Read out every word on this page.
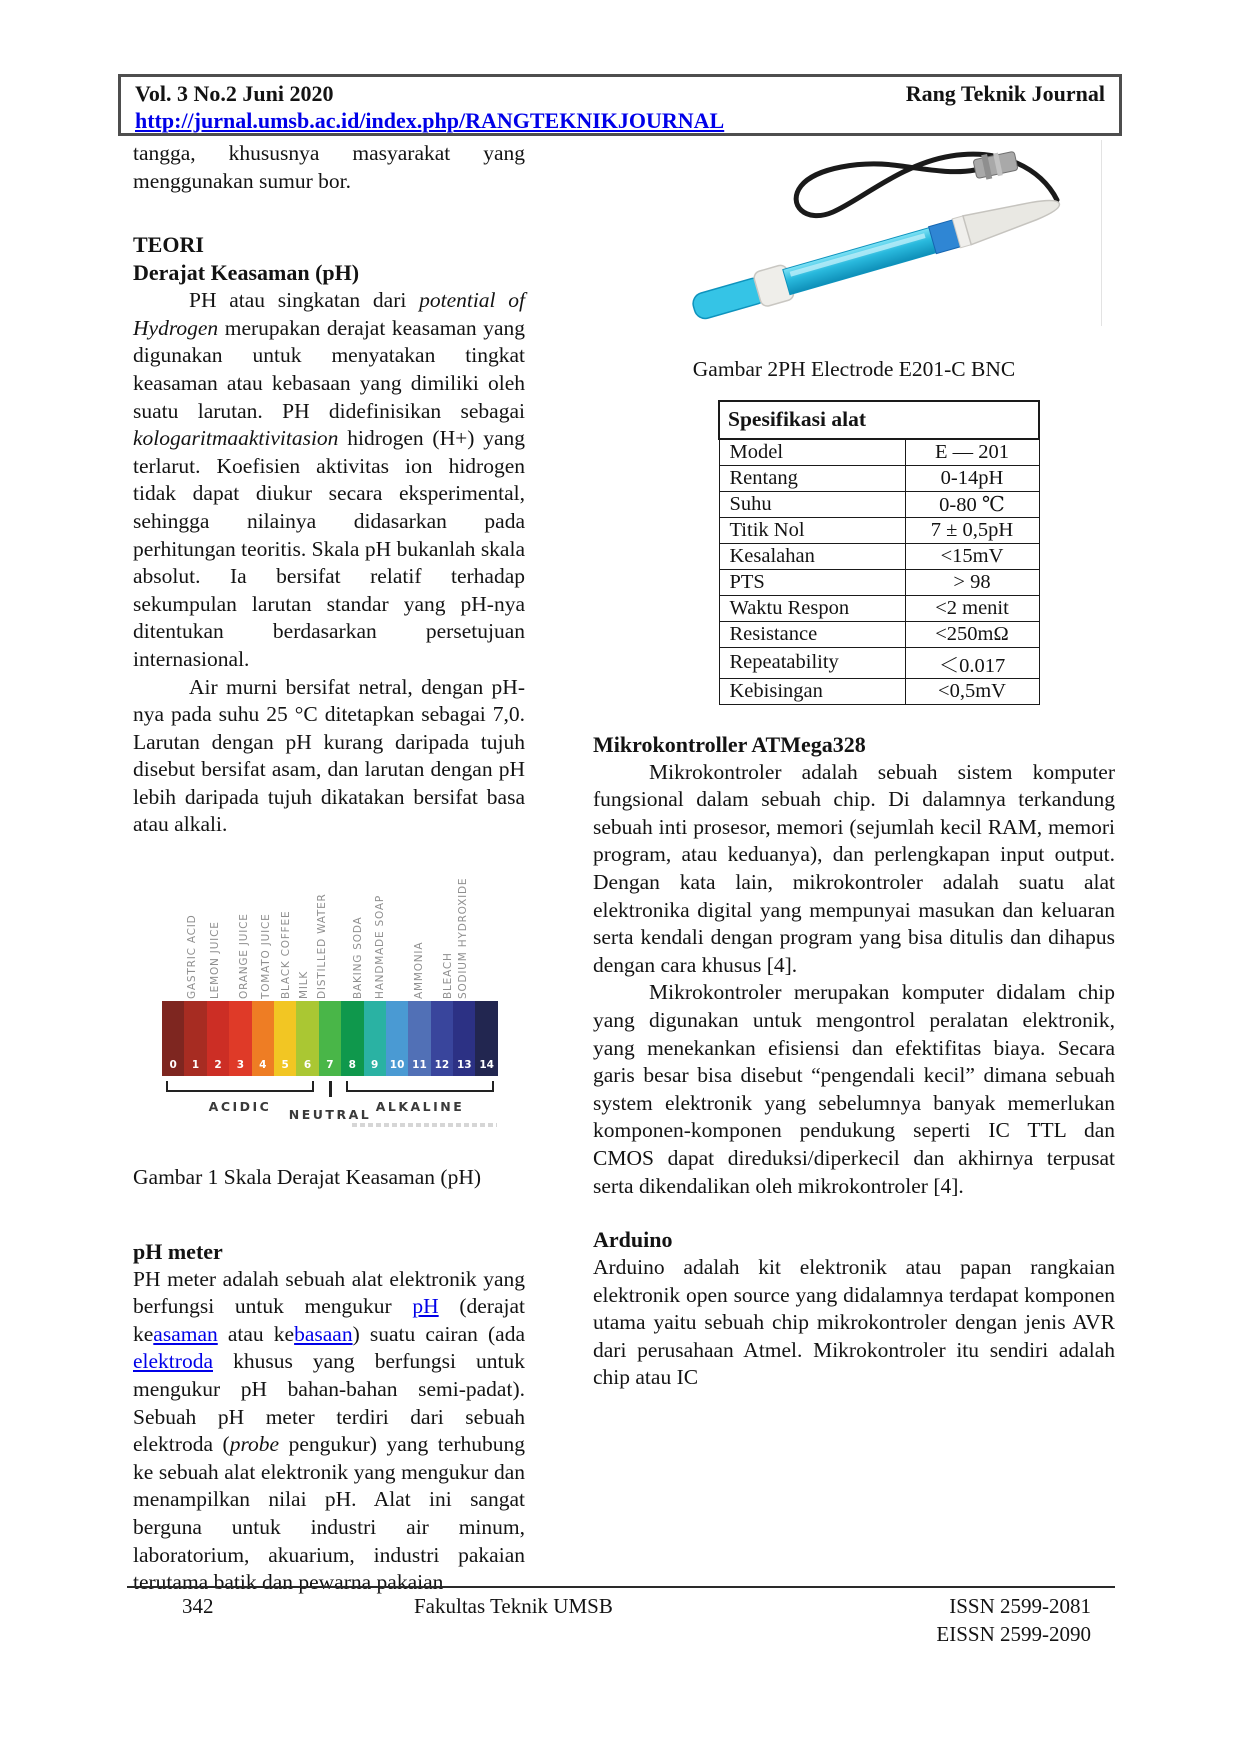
Vol. 3 No.2 Juni 2020	Rang Teknik Journal
http://jurnal.umsb.ac.id/index.php/RANGTEKNIKJOURNAL

tangga, khususnya masyarakat yang menggunakan sumur bor.

TEORI
Derajat Keasaman (pH)

PH atau singkatan dari potential of Hydrogen merupakan derajat keasaman yang digunakan untuk menyatakan tingkat keasaman atau kebasaan yang dimiliki oleh suatu larutan. PH didefinisikan sebagai kologaritmaaktivitasion hidrogen (H+) yang terlarut. Koefisien aktivitas ion hidrogen tidak dapat diukur secara eksperimental, sehingga nilainya didasarkan pada perhitungan teoritis. Skala pH bukanlah skala absolut. Ia bersifat relatif terhadap sekumpulan larutan standar yang pH-nya ditentukan berdasarkan persetujuan internasional.

Air murni bersifat netral, dengan pH-nya pada suhu 25 °C ditetapkan sebagai 7,0. Larutan dengan pH kurang daripada tujuh disebut bersifat asam, dan larutan dengan pH lebih daripada tujuh dikatakan bersifat basa atau alkali.

GASTRIC ACID LEMON JUICE ORANGE JUICE TOMATO JUICE BLACK COFFEE MILK DISTILLED WATER BAKING SODA HANDMADE SOAP AMMONIA BLEACH SODIUM HYDROXIDE
0	1	2	3	4	5	6	7	8	9	10 11 12 13 14
ACIDIC
NEUTRAL
ALKALINE

Gambar 1 Skala Derajat Keasaman (pH)

pH meter

PH meter adalah sebuah alat elektronik yang berfungsi untuk mengukur pH (derajat keasaman atau kebasaan) suatu cairan (ada elektroda khusus yang berfungsi untuk mengukur pH bahan-bahan semi-padat). Sebuah pH meter terdiri dari sebuah elektroda (probe pengukur) yang terhubung ke sebuah alat elektronik yang mengukur dan menampilkan nilai pH. Alat ini sangat berguna untuk industri air minum, laboratorium, akuarium, industri pakaian terutama batik dan pewarna pakaian

Gambar 2PH Electrode E201-C BNC

Spesifikasi alat	
Model	E — 201
Rentang	0-14pH
Suhu	0-80 ℃
Titik Nol	7 ± 0,5pH
Kesalahan	<15mV
PTS	> 98
Waktu Respon	<2 menit
Resistance	<250mΩ
Repeatability	＜0.017
Kebisingan	<0,5mV
Mikrokontroller ATMega328

Mikrokontroler adalah sebuah sistem komputer fungsional dalam sebuah chip. Di dalamnya terkandung sebuah inti prosesor, memori (sejumlah kecil RAM, memori program, atau keduanya), dan perlengkapan input output. Dengan kata lain, mikrokontroler adalah suatu alat elektronika digital yang mempunyai masukan dan keluaran serta kendali dengan program yang bisa ditulis dan dihapus dengan cara khusus [4].

Mikrokontroler merupakan komputer didalam chip yang digunakan untuk mengontrol peralatan elektronik, yang menekankan efisiensi dan efektifitas biaya. Secara garis besar bisa disebut “pengendali kecil” dimana sebuah system elektronik yang sebelumnya banyak memerlukan komponen-komponen pendukung seperti IC TTL dan CMOS dapat direduksi/diperkecil dan akhirnya terpusat serta dikendalikan oleh mikrokontroler [4].

Arduino

Arduino adalah kit elektronik atau papan rangkaian elektronik open source yang didalamnya terdapat komponen utama yaitu sebuah chip mikrokontroler dengan jenis AVR dari perusahaan Atmel. Mikrokontroler itu sendiri adalah chip atau IC

342	Fakultas Teknik UMSB	ISSN 2599-2081
EISSN 2599-2090
